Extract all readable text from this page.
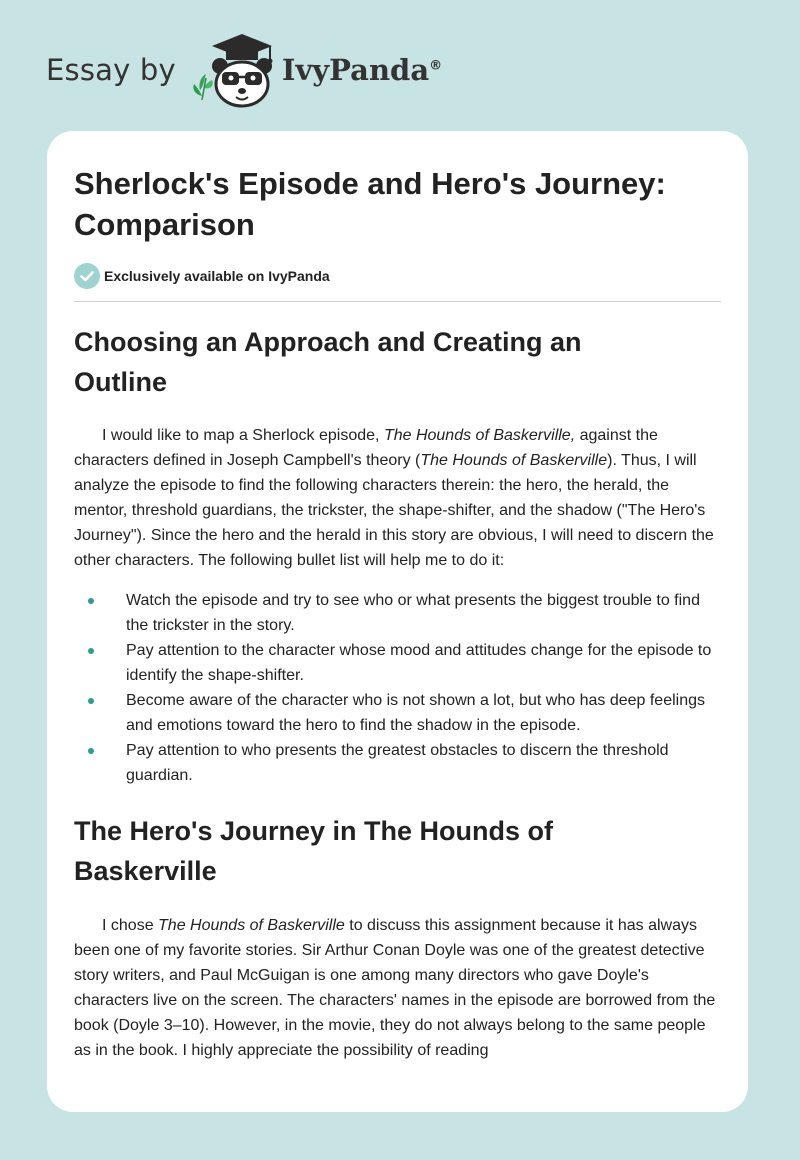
Essay by	IvyPanda®
Sherlock's Episode and Hero's Journey:
Comparison
Exclusively available on IvyPanda
Choosing an Approach and Creating an
Outline

I would like to map a Sherlock episode, The Hounds of Baskerville, against the characters defined in Joseph Campbell's theory (The Hounds of Baskerville). Thus, I will analyze the episode to find the following characters therein: the hero, the herald, the mentor, threshold guardians, the trickster, the shape-shifter, and the shadow ("The Hero's Journey"). Since the hero and the herald in this story are obvious, I will need to discern the other characters. The following bullet list will help me to do it:

Watch the episode and try to see who or what presents the biggest trouble to find the trickster in the story.
Pay attention to the character whose mood and attitudes change for the episode to identify the shape-shifter.
Become aware of the character who is not shown a lot, but who has deep feelings and emotions toward the hero to find the shadow in the episode.
Pay attention to who presents the greatest obstacles to discern the threshold guardian.
The Hero's Journey in The Hounds of
Baskerville

I chose The Hounds of Baskerville to discuss this assignment because it has always been one of my favorite stories. Sir Arthur Conan Doyle was one of the greatest detective story writers, and Paul McGuigan is one among many directors who gave Doyle's characters live on the screen. The characters' names in the episode are borrowed from the book (Doyle 3–10). However, in the movie, they do not always belong to the same people as in the book. I highly appreciate the possibility of reading
